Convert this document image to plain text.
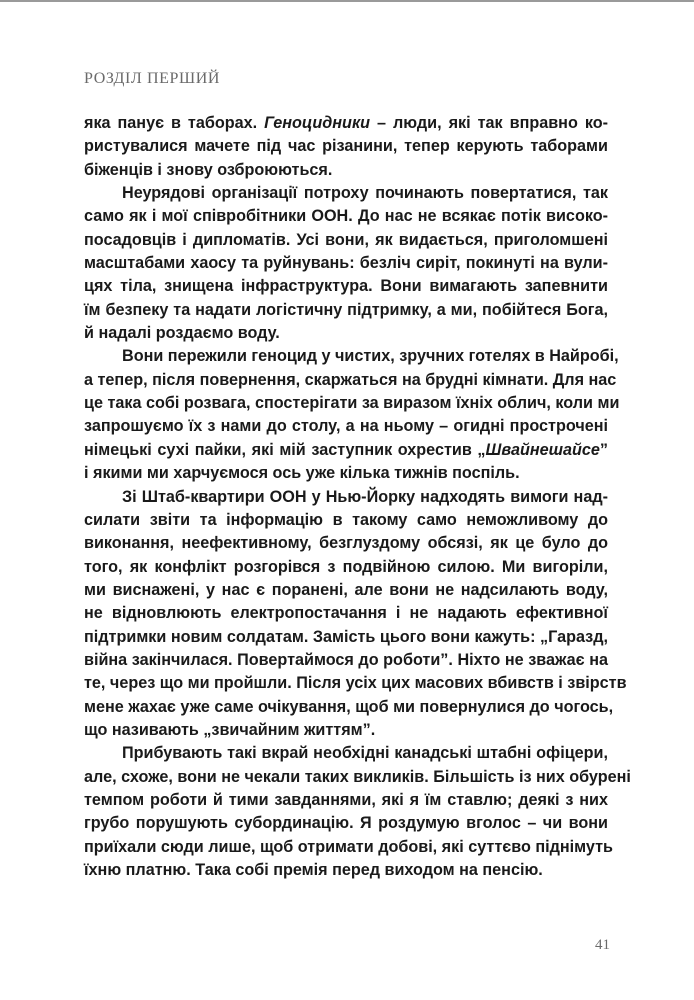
РОЗДІЛ ПЕРШИЙ
яка панує в таборах. Геноцидники – люди, які так вправно ко-
ристувалися мачете під час різанини, тепер керують таборами
біженців і знову озброюються.
Неурядові організації потроху починають повертатися, так
само як і мої співробітники ООН. До нас не всякає потік високо-
посадовців і дипломатів. Усі вони, як видається, приголомшені
масштабами хаосу та руйнувань: безліч сиріт, покинуті на вули-
цях тіла, знищена інфраструктура. Вони вимагають запевнити
їм безпеку та надати логістичну підтримку, а ми, побійтеся Бога,
й надалі роздаємо воду.
Вони пережили геноцид у чистих, зручних готелях в Найробі,
а тепер, після повернення, скаржаться на брудні кімнати. Для нас
це така собі розвага, спостерігати за виразом їхніх облич, коли ми
запрошуємо їх з нами до столу, а на ньому – огидні прострочені
німецькі сухі пайки, які мій заступник охрестив „Швайнешайсе”
і якими ми харчуємося ось уже кілька тижнів поспіль.
Зі Штаб-квартири ООН у Нью-Йорку надходять вимоги над-
силати звіти та інформацію в такому само неможливому до
виконання, неефективному, безглуздому обсязі, як це було до
того, як конфлікт розгорівся з подвійною силою. Ми вигоріли,
ми виснажені, у нас є поранені, але вони не надсилають воду,
не відновлюють електропостачання і не надають ефективної
підтримки новим солдатам. Замість цього вони кажуть: „Гаразд,
війна закінчилася. Повертаймося до роботи”. Ніхто не зважає на
те, через що ми пройшли. Після усіх цих масових вбивств і звірств
мене жахає уже саме очікування, щоб ми повернулися до чогось,
що називають „звичайним життям”.
Прибувають такі вкрай необхідні канадські штабні офіцери,
але, схоже, вони не чекали таких викликів. Більшість із них обурені
темпом роботи й тими завданнями, які я їм ставлю; деякі з них
грубо порушують субординацію. Я роздумую вголос – чи вони
приїхали сюди лише, щоб отримати добові, які суттєво піднімуть
їхню платню. Така собі премія перед виходом на пенсію.
41
